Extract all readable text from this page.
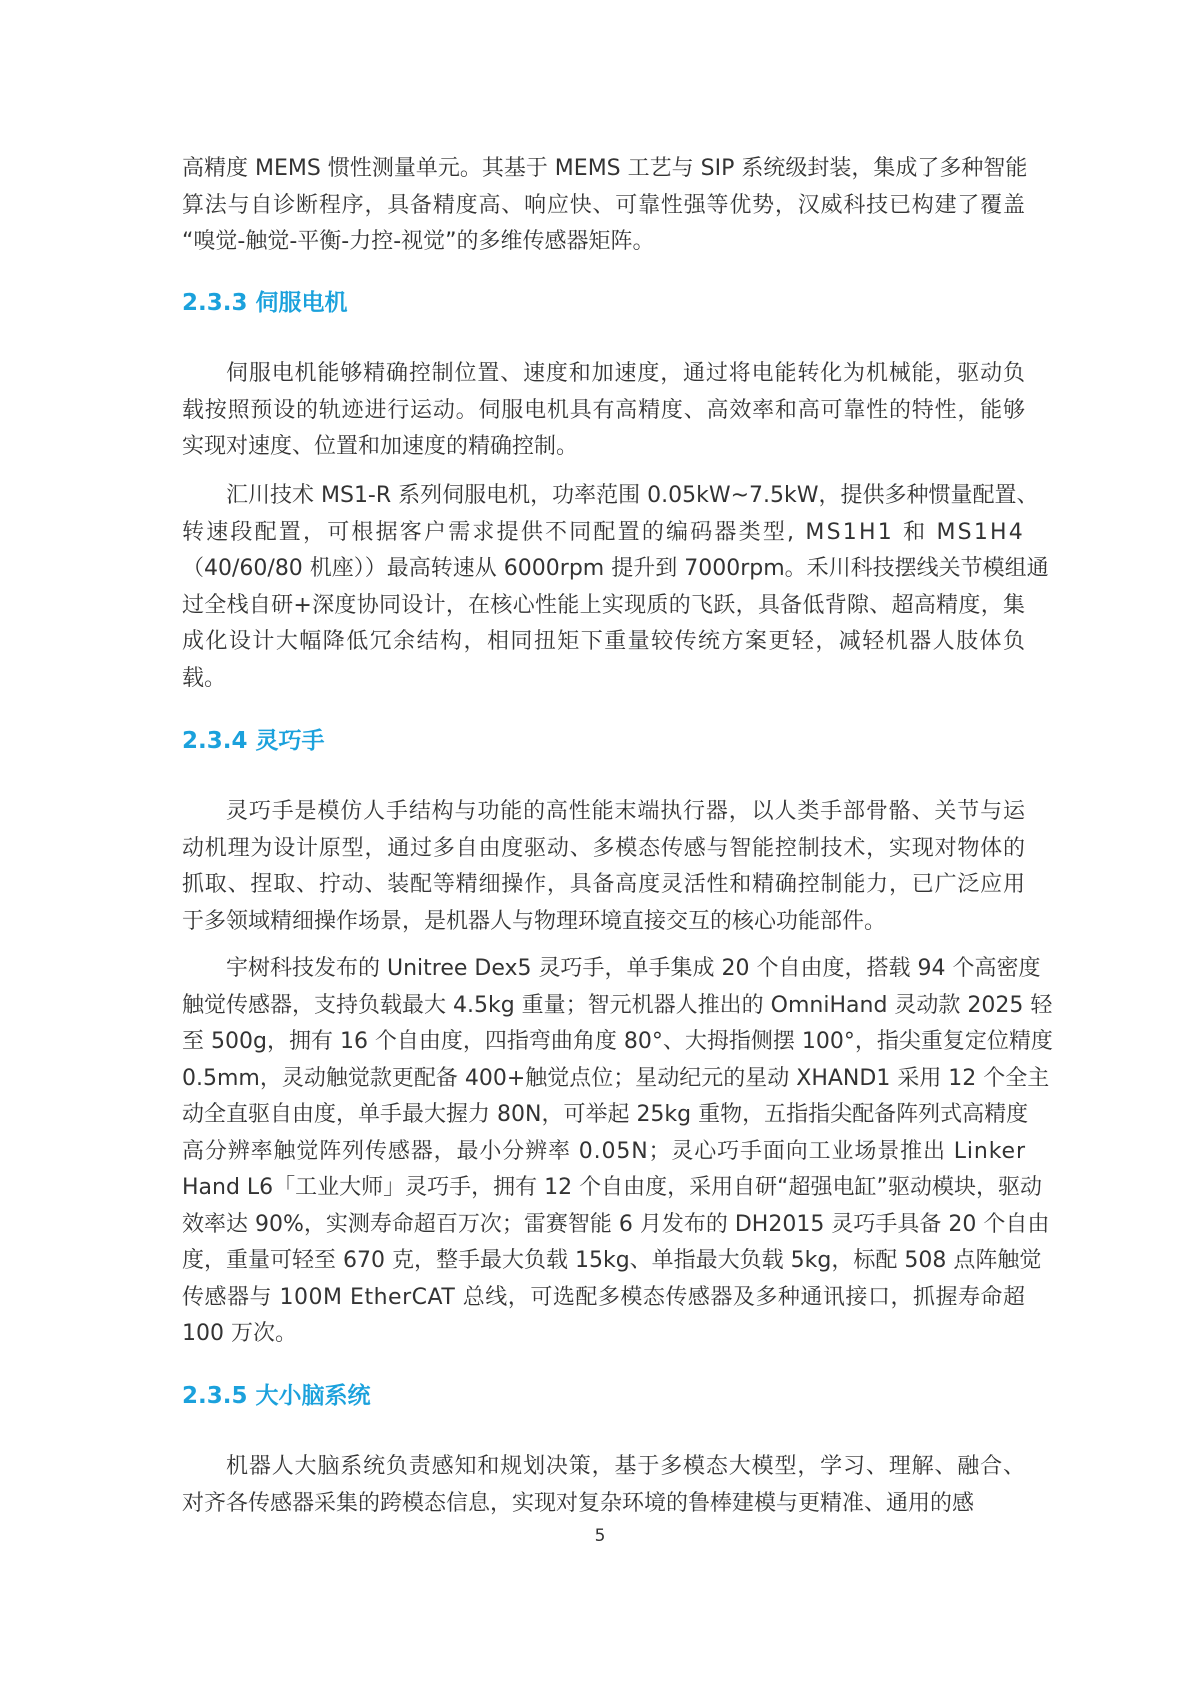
高精度 MEMS 惯性测量单元。其基于 MEMS 工艺与 SIP 系统级封装，集成了多种智能
算法与自诊断程序，具备精度高、响应快、可靠性强等优势，汉威科技已构建了覆盖
“嗅觉-触觉-平衡-力控-视觉”的多维传感器矩阵。
2.3.3 伺服电机
伺服电机能够精确控制位置、速度和加速度，通过将电能转化为机械能，驱动负
载按照预设的轨迹进行运动。伺服电机具有高精度、高效率和高可靠性的特性，能够
实现对速度、位置和加速度的精确控制。
汇川技术 MS1-R 系列伺服电机，功率范围 0.05kW~7.5kW，提供多种惯量配置、
转速段配置，可根据客户需求提供不同配置的编码器类型, MS1H1 和 MS1H4
（40/60/80 机座））最高转速从 6000rpm 提升到 7000rpm。禾川科技摆线关节模组通
过全栈自研+深度协同设计，在核心性能上实现质的飞跃，具备低背隙、超高精度，集
成化设计大幅降低冗余结构，相同扭矩下重量较传统方案更轻，减轻机器人肢体负
载。
2.3.4 灵巧手
灵巧手是模仿人手结构与功能的高性能末端执行器，以人类手部骨骼、关节与运
动机理为设计原型，通过多自由度驱动、多模态传感与智能控制技术，实现对物体的
抓取、捏取、拧动、装配等精细操作，具备高度灵活性和精确控制能力，已广泛应用
于多领域精细操作场景，是机器人与物理环境直接交互的核心功能部件。
宇树科技发布的 Unitree Dex5 灵巧手，单手集成 20 个自由度，搭载 94 个高密度
触觉传感器，支持负载最大 4.5kg 重量；智元机器人推出的 OmniHand 灵动款 2025 轻
至 500g，拥有 16 个自由度，四指弯曲角度 80°、大拇指侧摆 100°，指尖重复定位精度
0.5mm，灵动触觉款更配备 400+触觉点位；星动纪元的星动 XHAND1 采用 12 个全主
动全直驱自由度，单手最大握力 80N，可举起 25kg 重物，五指指尖配备阵列式高精度
高分辨率触觉阵列传感器，最小分辨率 0.05N；灵心巧手面向工业场景推出 Linker
Hand L6「工业大师」灵巧手，拥有 12 个自由度，采用自研“超强电缸”驱动模块，驱动
效率达 90%，实测寿命超百万次；雷赛智能 6 月发布的 DH2015 灵巧手具备 20 个自由
度，重量可轻至 670 克，整手最大负载 15kg、单指最大负载 5kg，标配 508 点阵触觉
传感器与 100M EtherCAT 总线，可选配多模态传感器及多种通讯接口，抓握寿命超
100 万次。
2.3.5 大小脑系统
机器人大脑系统负责感知和规划决策，基于多模态大模型，学习、理解、融合、
对齐各传感器采集的跨模态信息，实现对复杂环境的鲁棒建模与更精准、通用的感
5
